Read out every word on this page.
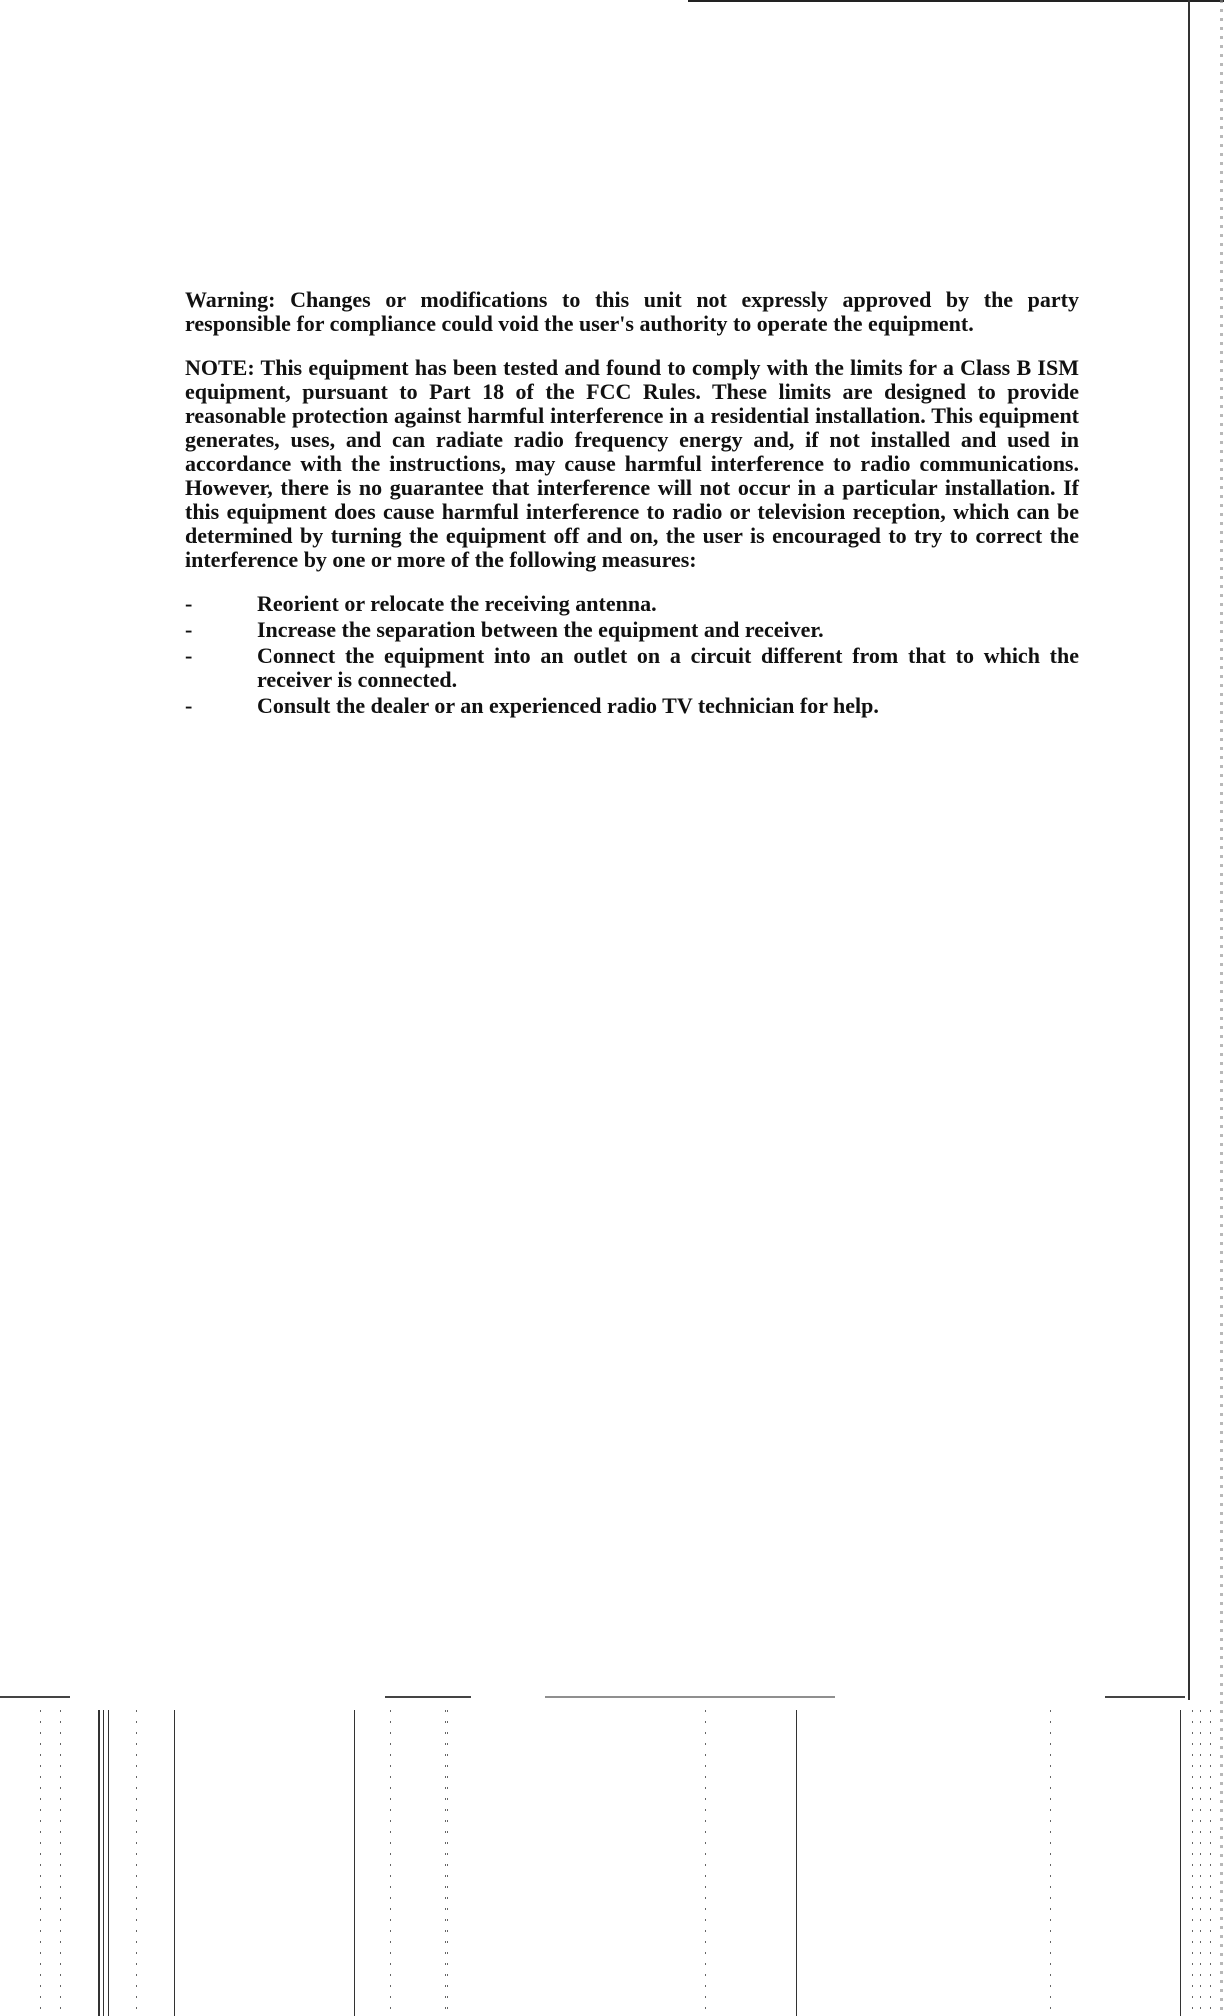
Warning: Changes or modifications to this unit not expressly approved by the party responsible for compliance could void the user's authority to operate the equipment.

NOTE: This equipment has been tested and found to comply with the limits for a Class B ISM equipment, pursuant to Part 18 of the FCC Rules. These limits are designed to provide reasonable protection against harmful interference in a residential installation. This equipment generates, uses, and can radiate radio frequency energy and, if not installed and used in accordance with the instructions, may cause harmful interference to radio communications. However, there is no guarantee that interference will not occur in a particular installation. If this equipment does cause harmful interference to radio or television reception, which can be determined by turning the equipment off and on, the user is encouraged to try to correct the interference by one or more of the following measures:

-	Reorient or relocate the receiving antenna.
-	Increase the separation between the equipment and receiver.
-	Connect the equipment into an outlet on a circuit different from that to which the receiver is connected.
-	Consult the dealer or an experienced radio TV technician for help.
